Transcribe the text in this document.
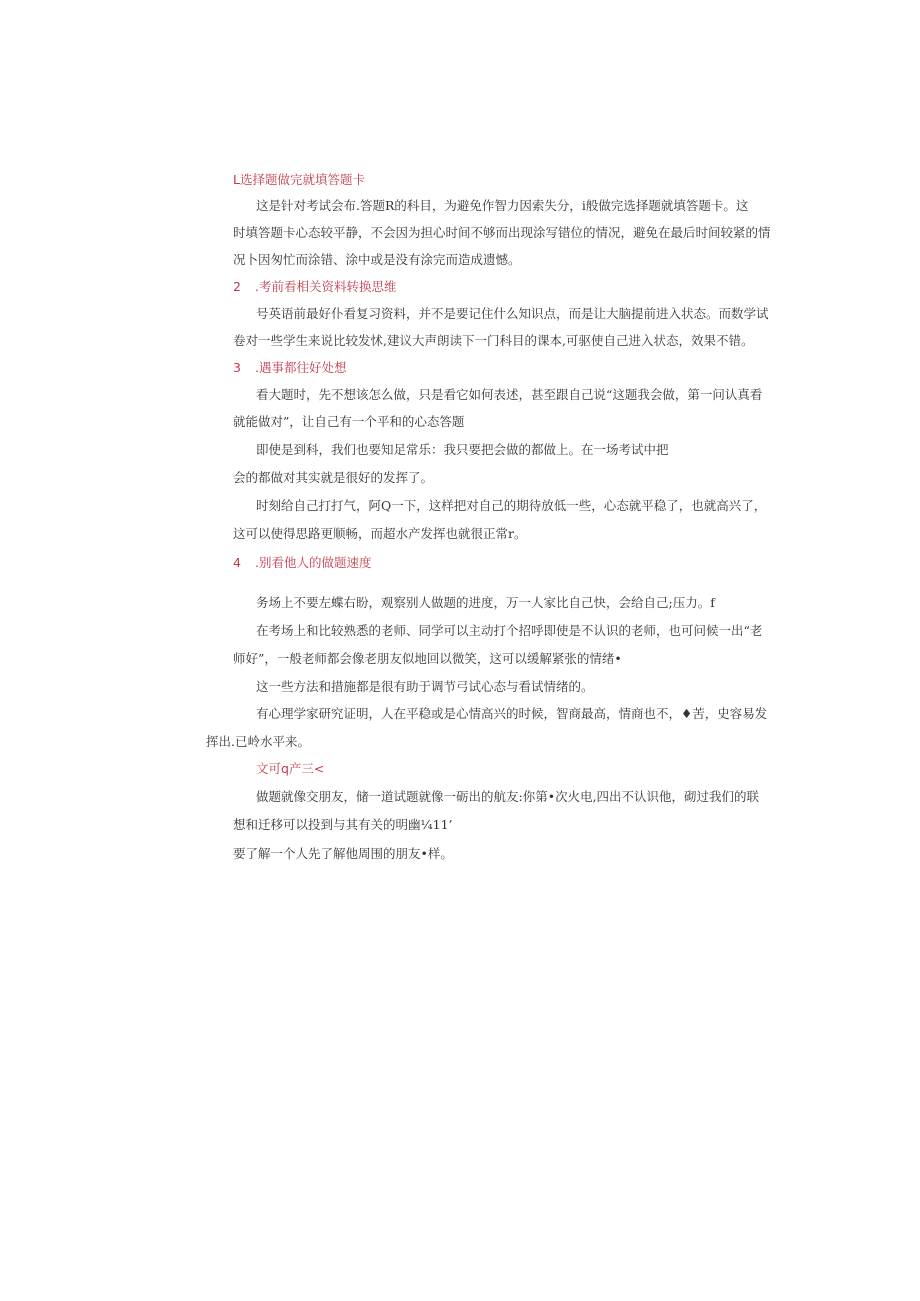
L选择题做完就填答题卡
这是针对考试会布.答题R的科目，为避免作智力因索失分，i般做完选择题就填答题卡。这
时填答题卡心态较平静，不会因为担心时间不够而出现涂写错位的情况，避免在最后时间较紧的情
况卜因匆忙而涂错、涂中或是没有涂完而造成遗憾。
2 .考前看相关资料转换思维
号英语前最好仆看复习资料，并不是要记住什么知识点，而是让大脑提前进入状态。而数学试
卷对一些学生来说比较发怵,建议大声朗读下一门科目的课本,可驱使自己进入状态，效果不错。
3 .遇事都往好处想
看大题时，先不想该怎么做，只是看它如何表述，甚至跟自己说“这题我会做，第一问认真看
就能做对”，让自己有一个平和的心态答题
即使是到科，我们也要知足常乐：我只要把会做的都做上。在一场考试中把
会的都做对其实就是很好的发挥了。
时刻给自己打打气，阿Q一下，这样把对自己的期待放低一些，心态就平稳了，也就高兴了，
这可以使得思路更顺畅，而超水产发挥也就很正常r。
4 .别看他人的做题速度
务场上不要左蝶右盼，观察别人做题的进度，万一人家比自己快，会给自己;压力。f
在考场上和比较熟悉的老师、同学可以主动打个招呼即使是不认识的老师，也可问候一出“老
师好”，一般老师都会像老朋友似地回以微笑，这可以缓解紧张的情绪•
这一些方法和措施都是很有助于调节弓试心态与看试情绪的。
有心理学家研究证明，人在平稳或是心情高兴的时候，智商最高，情商也不，♦苦，史容易发
挥出.已岭水平来。
文可q产三<
做题就像交朋友，储一道试题就像一砺出的航友:你第•次火电,四出不认识他，砌过我们的联
想和迁移可以投到与其有关的明幽¼11’
要了解一个人先了解他周围的朋友•样。
